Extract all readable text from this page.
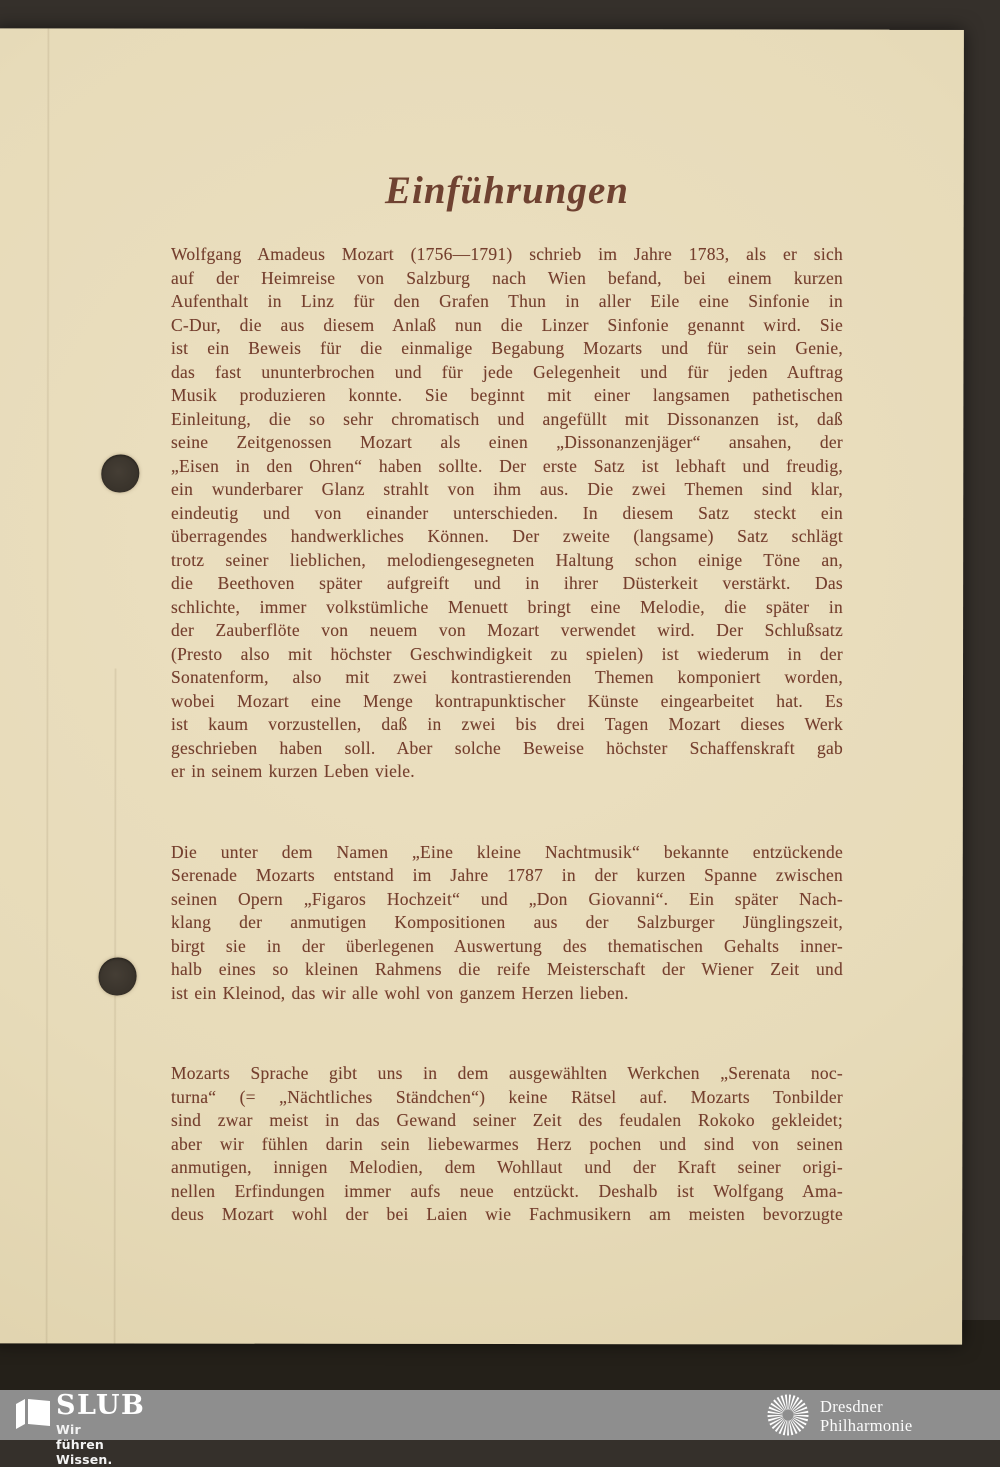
Einführungen
Wolfgang Amadeus Mozart (1756—1791) schrieb im Jahre 1783, als er sich
auf der Heimreise von Salzburg nach Wien befand, bei einem kurzen
Aufenthalt in Linz für den Grafen Thun in aller Eile eine Sinfonie in
C-Dur, die aus diesem Anlaß nun die Linzer Sinfonie genannt wird. Sie
ist ein Beweis für die einmalige Begabung Mozarts und für sein Genie,
das fast ununterbrochen und für jede Gelegenheit und für jeden Auftrag
Musik produzieren konnte. Sie beginnt mit einer langsamen pathetischen
Einleitung, die so sehr chromatisch und angefüllt mit Dissonanzen ist, daß
seine Zeitgenossen Mozart als einen „Dissonanzenjäger“ ansahen, der
„Eisen in den Ohren“ haben sollte. Der erste Satz ist lebhaft und freudig,
ein wunderbarer Glanz strahlt von ihm aus. Die zwei Themen sind klar,
eindeutig und von einander unterschieden. In diesem Satz steckt ein
überragendes handwerkliches Können. Der zweite (langsame) Satz schlägt
trotz seiner lieblichen, melodiengesegneten Haltung schon einige Töne an,
die Beethoven später aufgreift und in ihrer Düsterkeit verstärkt. Das
schlichte, immer volkstümliche Menuett bringt eine Melodie, die später in
der Zauberflöte von neuem von Mozart verwendet wird. Der Schlußsatz
(Presto also mit höchster Geschwindigkeit zu spielen) ist wiederum in der
Sonatenform, also mit zwei kontrastierenden Themen komponiert worden,
wobei Mozart eine Menge kontrapunktischer Künste eingearbeitet hat. Es
ist kaum vorzustellen, daß in zwei bis drei Tagen Mozart dieses Werk
geschrieben haben soll. Aber solche Beweise höchster Schaffenskraft gab
er in seinem kurzen Leben viele.
Die unter dem Namen „Eine kleine Nachtmusik“ bekannte entzückende
Serenade Mozarts entstand im Jahre 1787 in der kurzen Spanne zwischen
seinen Opern „Figaros Hochzeit“ und „Don Giovanni“. Ein später Nach-
klang der anmutigen Kompositionen aus der Salzburger Jünglingszeit,
birgt sie in der überlegenen Auswertung des thematischen Gehalts inner-
halb eines so kleinen Rahmens die reife Meisterschaft der Wiener Zeit und
ist ein Kleinod, das wir alle wohl von ganzem Herzen lieben.
Mozarts Sprache gibt uns in dem ausgewählten Werkchen „Serenata noc-
turna“ (= „Nächtliches Ständchen“) keine Rätsel auf. Mozarts Tonbilder
sind zwar meist in das Gewand seiner Zeit des feudalen Rokoko gekleidet;
aber wir fühlen darin sein liebewarmes Herz pochen und sind von seinen
anmutigen, innigen Melodien, dem Wohllaut und der Kraft seiner origi-
nellen Erfindungen immer aufs neue entzückt. Deshalb ist Wolfgang Ama-
deus Mozart wohl der bei Laien wie Fachmusikern am meisten bevorzugte
SLUB
Wir führen Wissen.
Dresdner
Philharmonie
